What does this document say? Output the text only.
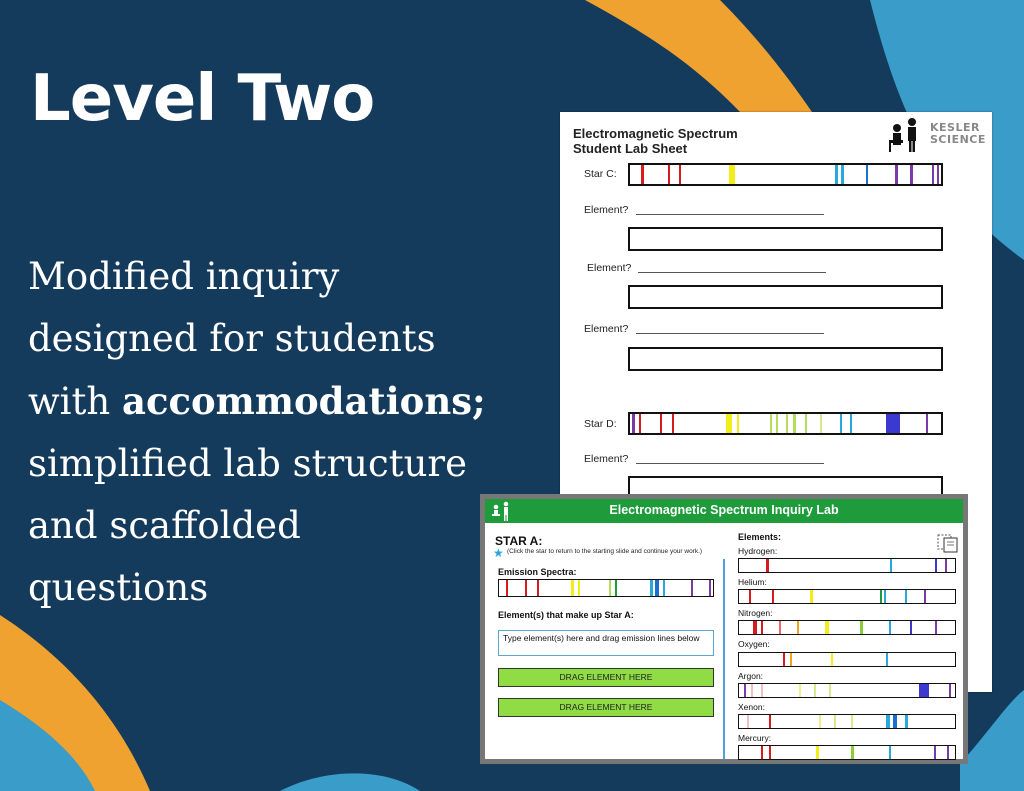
Level Two
Modified inquiry
designed for students
with accommodations;
simplified lab structure
and scaffolded
questions
Electromagnetic Spectrum
Student Lab Sheet
KESLER
SCIENCE
Star C:
Element?
Element?
Element?
Star D:
Element?
Electromagnetic Spectrum Inquiry Lab
STAR A:
★ (Click the star to return to the starting slide and continue your work.)
Emission Spectra:
Element(s) that make up Star A:
Type element(s) here and drag emission lines below
DRAG ELEMENT HERE
DRAG ELEMENT HERE
Elements:
Hydrogen:
Helium:
Nitrogen:
Oxygen:
Argon:
Xenon:
Mercury:
